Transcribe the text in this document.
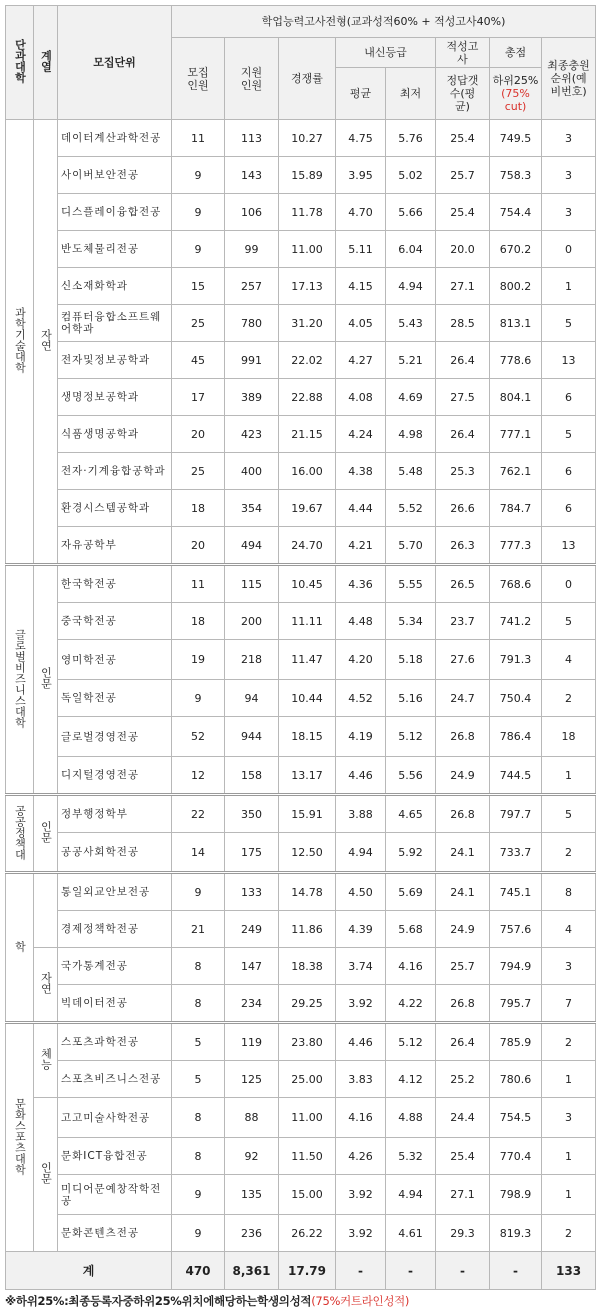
단과대학	계열	모집단위	학업능력고사전형(교과성적60% + 적성고사40%)							

			모집인원	지원인원	경쟁률	내신등급		적성고사	총점	최종충원순위(예비번호)

						평균	최저	정답갯수(평균)	하위25%
(75%cut)	

과학기술대학	자연	데이터계산과학전공	11	113	10.27	4.75	5.76	25.4	749.5	3
		사이버보안전공	9	143	15.89	3.95	5.02	25.7	758.3	3
		디스플레이융합전공	9	106	11.78	4.70	5.66	25.4	754.4	3
		반도체물리전공	9	99	11.00	5.11	6.04	20.0	670.2	0
		신소재화학과	15	257	17.13	4.15	4.94	27.1	800.2	1
		컴퓨터융합소프트웨어학과	25	780	31.20	4.05	5.43	28.5	813.1	5
		전자및정보공학과	45	991	22.02	4.27	5.21	26.4	778.6	13
		생명정보공학과	17	389	22.88	4.08	4.69	27.5	804.1	6
		식품생명공학과	20	423	21.15	4.24	4.98	26.4	777.1	5
		전자·기계융합공학과	25	400	16.00	4.38	5.48	25.3	762.1	6
		환경시스템공학과	18	354	19.67	4.44	5.52	26.6	784.7	6
		자유공학부	20	494	24.70	4.21	5.70	26.3	777.3	13
글로벌비즈니스대학	인문	한국학전공	11	115	10.45	4.36	5.55	26.5	768.6	0
		중국학전공	18	200	11.11	4.48	5.34	23.7	741.2	5
		영미학전공	19	218	11.47	4.20	5.18	27.6	791.3	4
		독일학전공	9	94	10.44	4.52	5.16	24.7	750.4	2
		글로벌경영전공	52	944	18.15	4.19	5.12	26.8	786.4	18
		디지털경영전공	12	158	13.17	4.46	5.56	24.9	744.5	1
공공정책대	인문	정부행정학부	22	350	15.91	3.88	4.65	26.8	797.7	5
		공공사회학전공	14	175	12.50	4.94	5.92	24.1	733.7	2
학		통일외교안보전공	9	133	14.78	4.50	5.69	24.1	745.1	8
		경제정책학전공	21	249	11.86	4.39	5.68	24.9	757.6	4
	자연	국가통계전공	8	147	18.38	3.74	4.16	25.7	794.9	3
		빅데이터전공	8	234	29.25	3.92	4.22	26.8	795.7	7
문화스포츠대학	체능	스포츠과학전공	5	119	23.80	4.46	5.12	26.4	785.9	2
		스포츠비즈니스전공	5	125	25.00	3.83	4.12	25.2	780.6	1
	인문	고고미술사학전공	8	88	11.00	4.16	4.88	24.4	754.5	3
		문화ICT융합전공	8	92	11.50	4.26	5.32	25.4	770.4	1
		미디어문예창작학전공	9	135	15.00	3.92	4.94	27.1	798.9	1
		문화콘텐츠전공	9	236	26.22	3.92	4.61	29.3	819.3	2
계			470	8,361	17.79	-	-	-	-	133
※하위25%:최종등록자중하위25%위치에해당하는학생의성적(75%커트라인성적)
